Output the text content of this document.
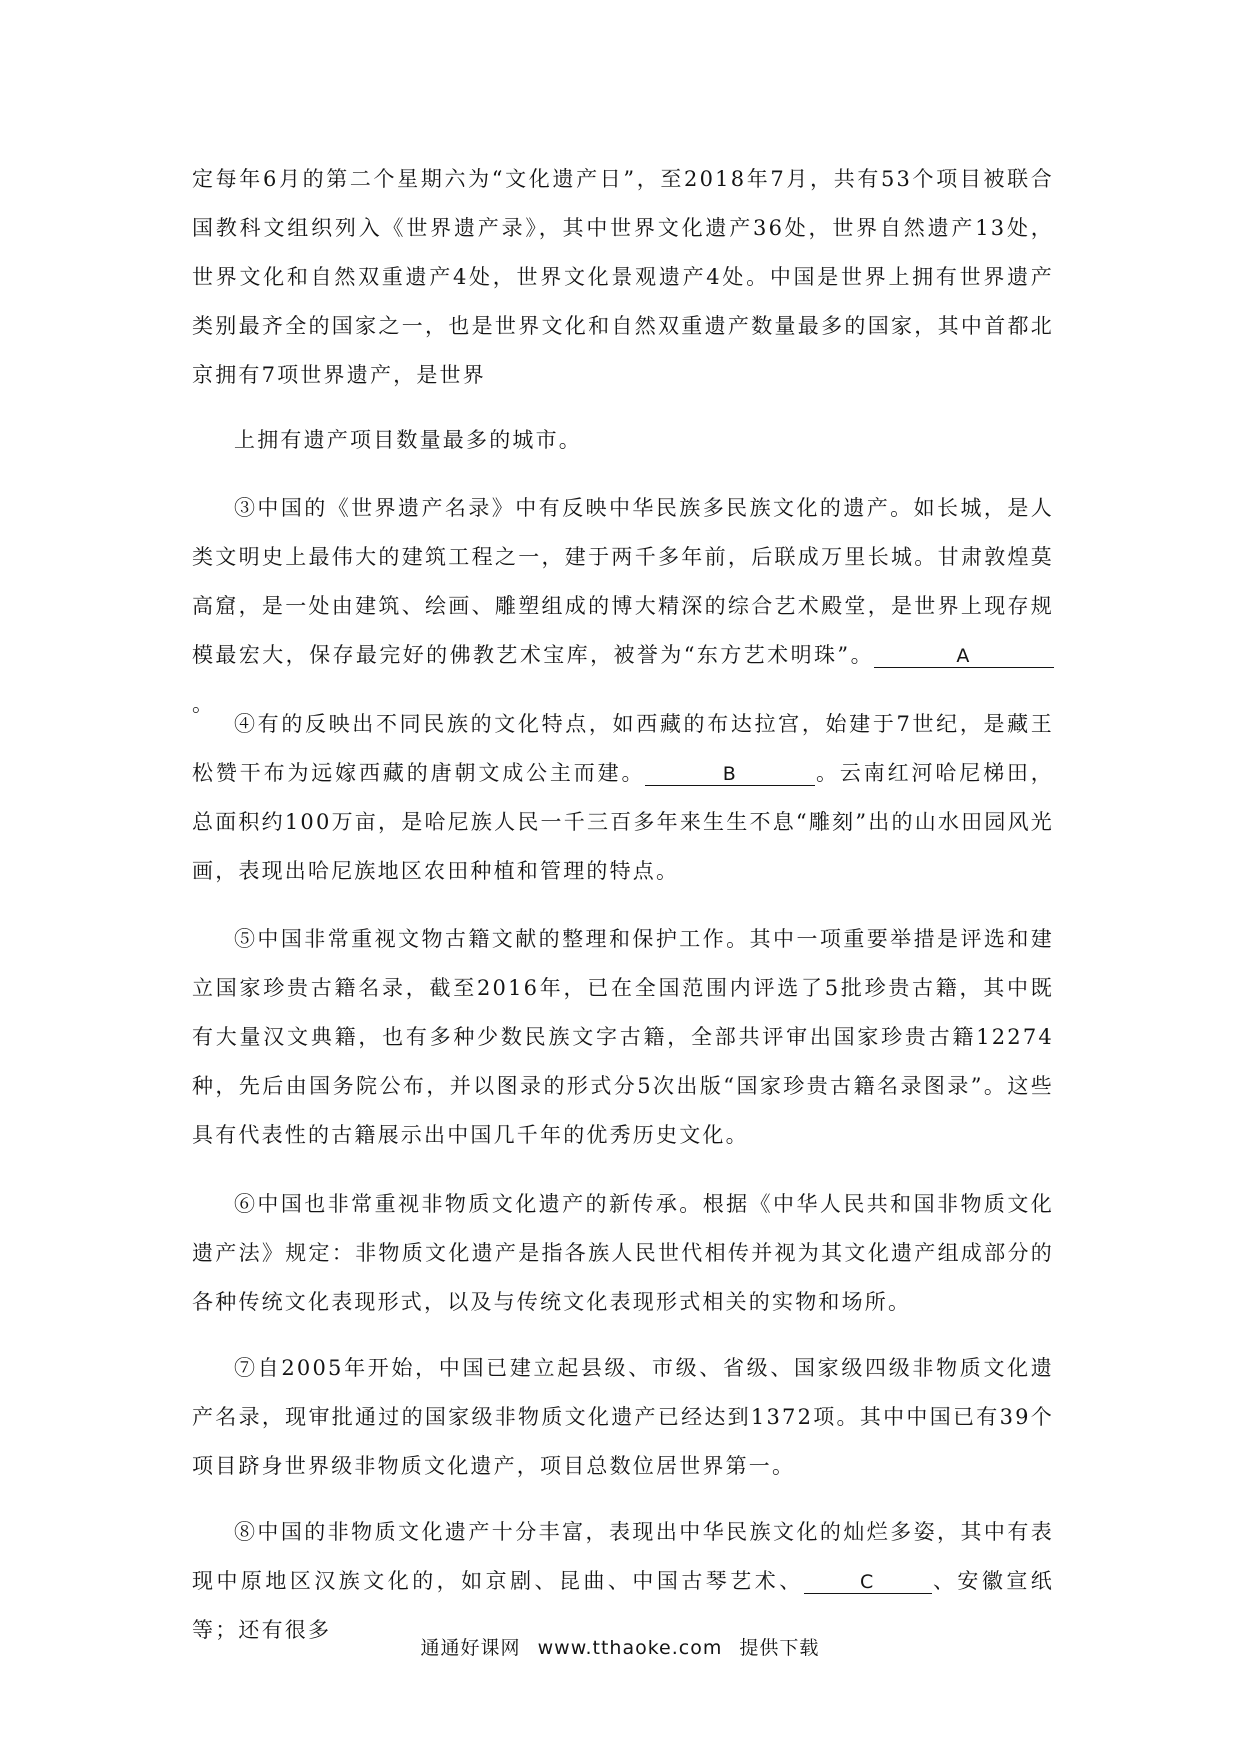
定每年6月的第二个星期六为“文化遗产日”，至2018年7月，共有53个项目被联合国教科文组织列入《世界遗产录》，其中世界文化遗产36处，世界自然遗产13处，世界文化和自然双重遗产4处，世界文化景观遗产4处。中国是世界上拥有世界遗产类别最齐全的国家之一，也是世界文化和自然双重遗产数量最多的国家，其中首都北京拥有7项世界遗产，是世界

上拥有遗产项目数量最多的城市。

③中国的《世界遗产名录》中有反映中华民族多民族文化的遗产。如长城，是人类文明史上最伟大的建筑工程之一，建于两千多年前，后联成万里长城。甘肃敦煌莫高窟，是一处由建筑、绘画、雕塑组成的博大精深的综合艺术殿堂，是世界上现存规模最宏大，保存最完好的佛教艺术宝库，被誉为“东方艺术明珠”。	A。

④有的反映出不同民族的文化特点，如西藏的布达拉宫，始建于7世纪，是藏王松赞干布为远嫁西藏的唐朝文成公主而建。	B	。云南红河哈尼梯田，总面积约100万亩，是哈尼族人民一千三百多年来生生不息“雕刻”出的山水田园风光画，表现出哈尼族地区农田种植和管理的特点。

⑤中国非常重视文物古籍文献的整理和保护工作。其中一项重要举措是评选和建立国家珍贵古籍名录，截至2016年，已在全国范围内评选了5批珍贵古籍，其中既有大量汉文典籍，也有多种少数民族文字古籍，全部共评审出国家珍贵古籍12274种，先后由国务院公布，并以图录的形式分5次出版“国家珍贵古籍名录图录”。这些具有代表性的古籍展示出中国几千年的优秀历史文化。

⑥中国也非常重视非物质文化遗产的新传承。根据《中华人民共和国非物质文化遗产法》规定：非物质文化遗产是指各族人民世代相传并视为其文化遗产组成部分的各种传统文化表现形式，以及与传统文化表现形式相关的实物和场所。

⑦自2005年开始，中国已建立起县级、市级、省级、国家级四级非物质文化遗产名录，现审批通过的国家级非物质文化遗产已经达到1372项。其中中国已有39个项目跻身世界级非物质文化遗产，项目总数位居世界第一。

⑧中国的非物质文化遗产十分丰富，表现出中华民族文化的灿烂多姿，其中有表现中原地区汉族文化的，如京剧、昆曲、中国古琴艺术、	C	、安徽宣纸等；还有很多

通通好课网 www.tthaoke.com 提供下载
